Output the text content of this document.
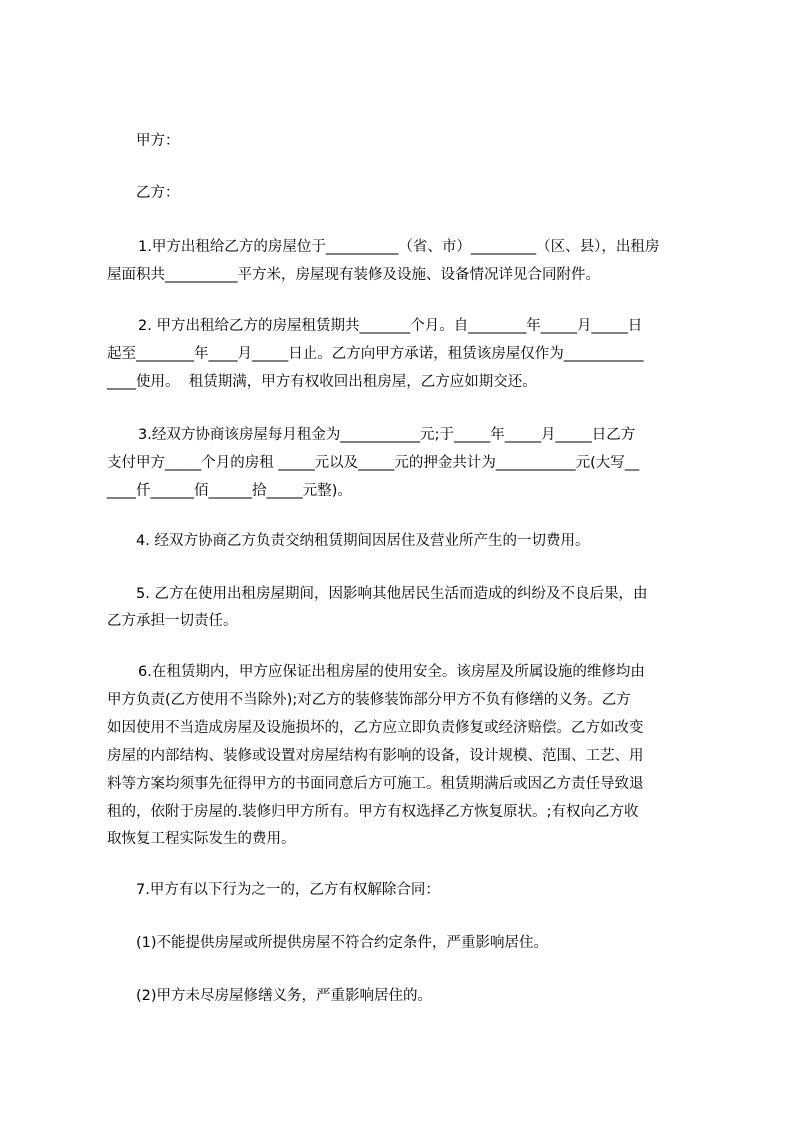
甲方：
乙方：
1.甲方出租给乙方的房屋位于__________（省、市）_________（区、县），出租房
屋面积共__________平方米，房屋现有装修及设施、设备情况详见合同附件。
2. 甲方出租给乙方的房屋租赁期共_______个月。自________年_____月_____日
起至________年____月_____日止。乙方向甲方承诺，租赁该房屋仅作为___________
____使用。  租赁期满，甲方有权收回出租房屋，乙方应如期交还。
3.经双方协商该房屋每月租金为___________元;于_____年_____月_____日乙方
支付甲方_____个月的房租 _____元以及_____元的押金共计为___________元(大写__
____仟______佰______拾_____元整)。
4. 经双方协商乙方负责交纳租赁期间因居住及营业所产生的一切费用。
5. 乙方在使用出租房屋期间，因影响其他居民生活而造成的纠纷及不良后果，由
乙方承担一切责任。
6.在租赁期内，甲方应保证出租房屋的使用安全。该房屋及所属设施的维修均由
甲方负责(乙方使用不当除外);对乙方的装修装饰部分甲方不负有修缮的义务。乙方
如因使用不当造成房屋及设施损坏的，乙方应立即负责修复或经济赔偿。乙方如改变
房屋的内部结构、装修或设置对房屋结构有影响的设备，设计规模、范围、工艺、用
料等方案均须事先征得甲方的书面同意后方可施工。租赁期满后或因乙方责任导致退
租的，依附于房屋的.装修归甲方所有。甲方有权选择乙方恢复原状。;有权向乙方收
取恢复工程实际发生的费用。
7.甲方有以下行为之一的，乙方有权解除合同：
(1)不能提供房屋或所提供房屋不符合约定条件，严重影响居住。
(2)甲方未尽房屋修缮义务，严重影响居住的。
